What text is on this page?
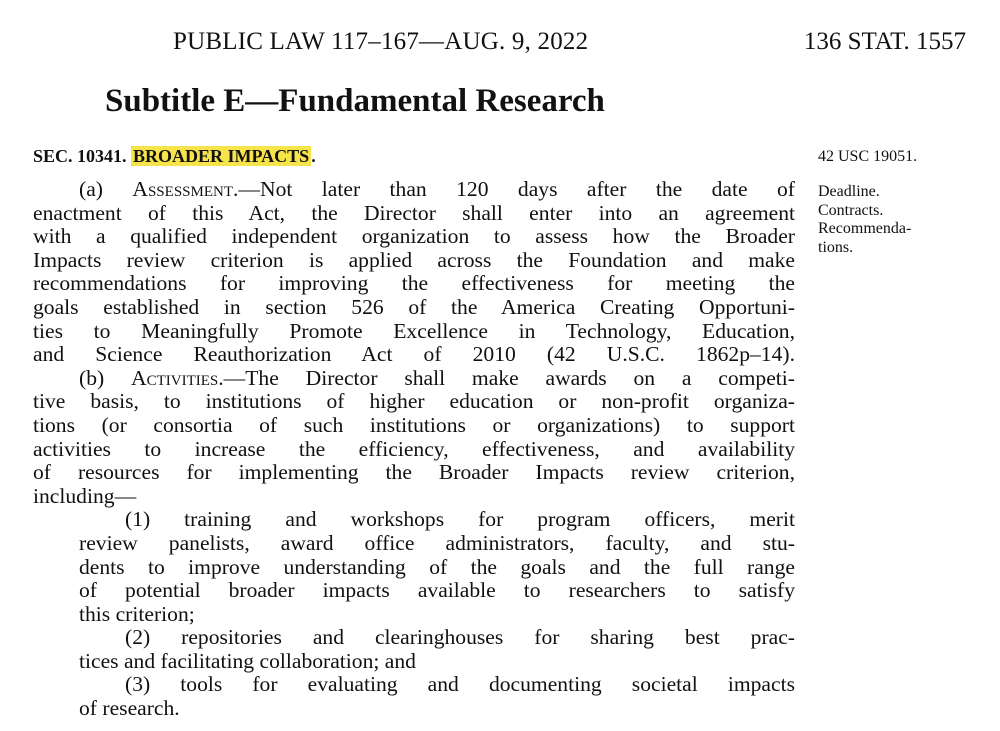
PUBLIC LAW 117–167—AUG. 9, 2022	136 STAT. 1557
Subtitle E—Fundamental Research
SEC. 10341. BROADER IMPACTS .	42 USC 19051.
Deadline.
Contracts.
Recommenda-
tions.
(a) Assessment.—Not later than 120 days after the date of
enactment of this Act, the Director shall enter into an agreement
with a qualified independent organization to assess how the Broader
Impacts review criterion is applied across the Foundation and make
recommendations for improving the effectiveness for meeting the
goals established in section 526 of the America Creating Opportuni-
ties to Meaningfully Promote Excellence in Technology, Education,
and Science Reauthorization Act of 2010 (42 U.S.C. 1862p–14).
(b) Activities.—The Director shall make awards on a competi-
tive basis, to institutions of higher education or non-profit organiza-
tions (or consortia of such institutions or organizations) to support
activities to increase the efficiency, effectiveness, and availability
of resources for implementing the Broader Impacts review criterion,
including—
(1) training and workshops for program officers, merit
review panelists, award office administrators, faculty, and stu-
dents to improve understanding of the goals and the full range
of potential broader impacts available to researchers to satisfy
this criterion;
(2) repositories and clearinghouses for sharing best prac-
tices and facilitating collaboration; and
(3) tools for evaluating and documenting societal impacts
of research.
